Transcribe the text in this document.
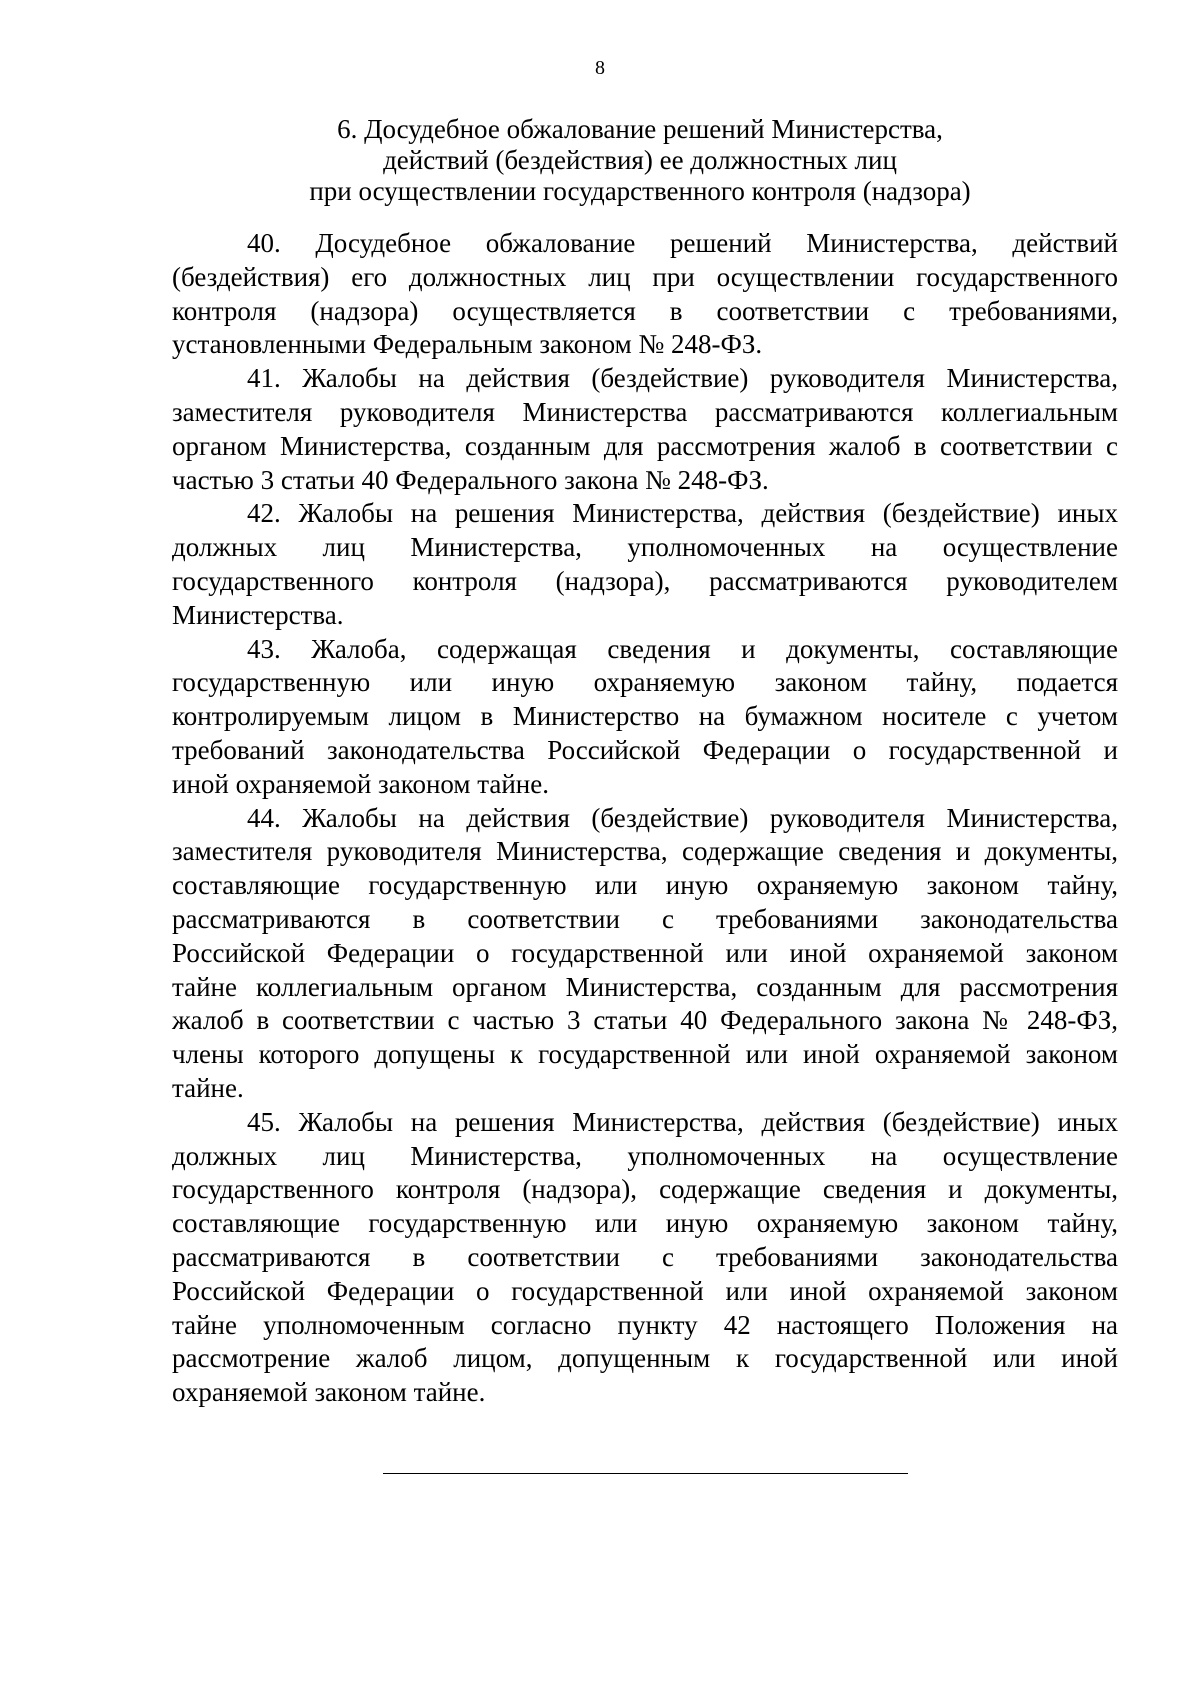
8
6. Досудебное обжалование решений Министерства,
действий (бездействия) ее должностных лиц
при осуществлении государственного контроля (надзора)
40. Досудебное обжалование решений Министерства, действий
(бездействия) его должностных лиц при осуществлении государственного
контроля (надзора) осуществляется в соответствии с требованиями,
установленными Федеральным законом № 248-ФЗ.
41. Жалобы на действия (бездействие) руководителя Министерства,
заместителя руководителя Министерства рассматриваются коллегиальным
органом Министерства, созданным для рассмотрения жалоб в соответствии с
частью 3 статьи 40 Федерального закона № 248-ФЗ.
42. Жалобы на решения Министерства, действия (бездействие) иных
должных лиц Министерства, уполномоченных на осуществление
государственного контроля (надзора), рассматриваются руководителем
Министерства.
43. Жалоба, содержащая сведения и документы, составляющие
государственную или иную охраняемую законом тайну, подается
контролируемым лицом в Министерство на бумажном носителе с учетом
требований законодательства Российской Федерации о государственной и
иной охраняемой законом тайне.
44. Жалобы на действия (бездействие) руководителя Министерства,
заместителя руководителя Министерства, содержащие сведения и документы,
составляющие государственную или иную охраняемую законом тайну,
рассматриваются в соответствии с требованиями законодательства
Российской Федерации о государственной или иной охраняемой законом
тайне коллегиальным органом Министерства, созданным для рассмотрения
жалоб в соответствии с частью 3 статьи 40 Федерального закона № 248-ФЗ,
члены которого допущены к государственной или иной охраняемой законом
тайне.
45. Жалобы на решения Министерства, действия (бездействие) иных
должных лиц Министерства, уполномоченных на осуществление
государственного контроля (надзора), содержащие сведения и документы,
составляющие государственную или иную охраняемую законом тайну,
рассматриваются в соответствии с требованиями законодательства
Российской Федерации о государственной или иной охраняемой законом
тайне уполномоченным согласно пункту 42 настоящего Положения на
рассмотрение жалоб лицом, допущенным к государственной или иной
охраняемой законом тайне.
